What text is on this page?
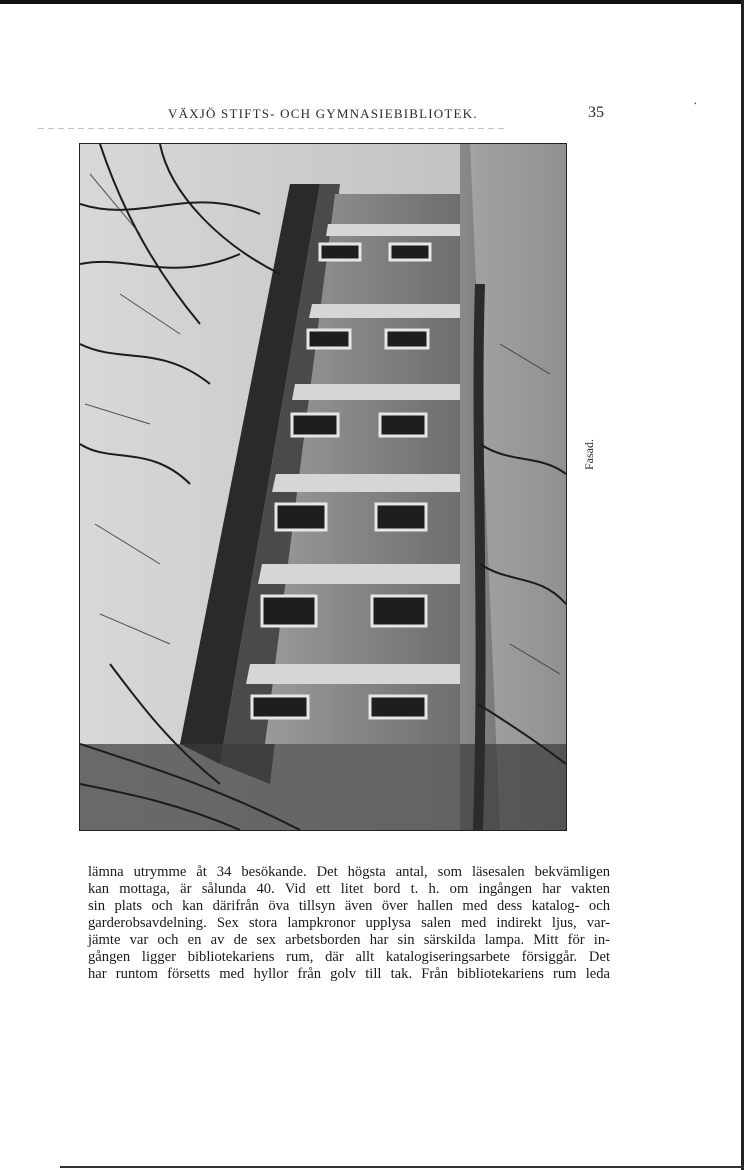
•
VÄXJÖ STIFTS- OCH GYMNASIEBIBLIOTEK.	35
Fasad.

lämna utrymme åt 34 besökande. Det högsta antal, som läsesalen bekvämligen
kan mottaga, är sålunda 40. Vid ett litet bord t. h. om ingången har vakten
sin plats och kan därifrån öva tillsyn även över hallen med dess katalog- och
garderobsavdelning. Sex stora lampkronor upplysa salen med indirekt ljus, var-
jämte var och en av de sex arbetsborden har sin särskilda lampa. Mitt för in-
gången ligger bibliotekariens rum, där allt katalogiseringsarbete försiggår. Det
har runtom försetts med hyllor från golv till tak. Från bibliotekariens rum leda
